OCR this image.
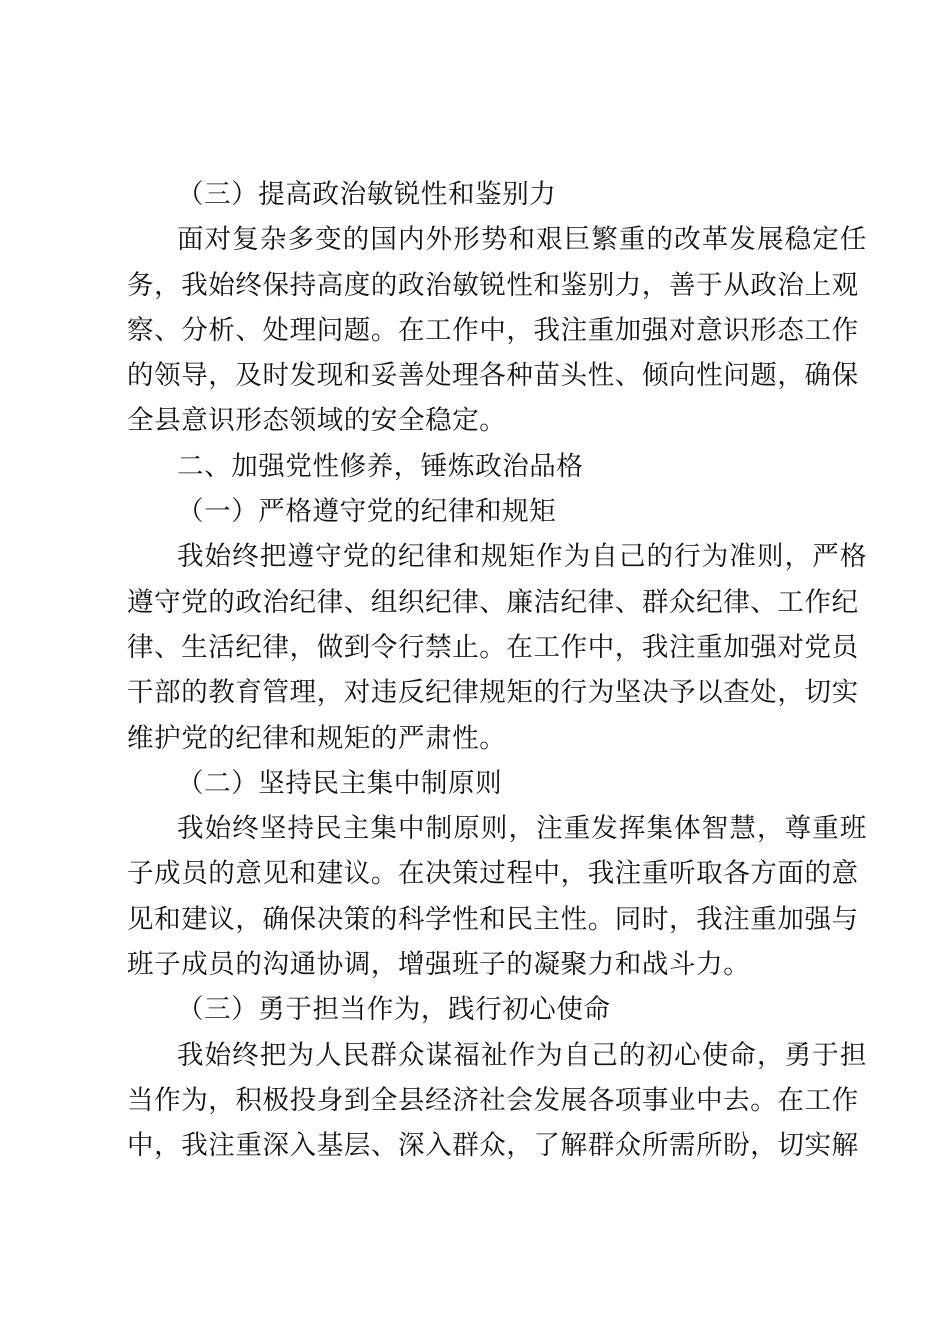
（三）提高政治敏锐性和鉴别力
面对复杂多变的国内外形势和艰巨繁重的改革发展稳定任
务，我始终保持高度的政治敏锐性和鉴别力，善于从政治上观
察、分析、处理问题。在工作中，我注重加强对意识形态工作
的领导，及时发现和妥善处理各种苗头性、倾向性问题，确保
全县意识形态领域的安全稳定。
二、加强党性修养，锤炼政治品格
（一）严格遵守党的纪律和规矩
我始终把遵守党的纪律和规矩作为自己的行为准则，严格
遵守党的政治纪律、组织纪律、廉洁纪律、群众纪律、工作纪
律、生活纪律，做到令行禁止。在工作中，我注重加强对党员
干部的教育管理，对违反纪律规矩的行为坚决予以查处，切实
维护党的纪律和规矩的严肃性。
（二）坚持民主集中制原则
我始终坚持民主集中制原则，注重发挥集体智慧，尊重班
子成员的意见和建议。在决策过程中，我注重听取各方面的意
见和建议，确保决策的科学性和民主性。同时，我注重加强与
班子成员的沟通协调，增强班子的凝聚力和战斗力。
（三）勇于担当作为，践行初心使命
我始终把为人民群众谋福祉作为自己的初心使命，勇于担
当作为，积极投身到全县经济社会发展各项事业中去。在工作
中，我注重深入基层、深入群众，了解群众所需所盼，切实解
